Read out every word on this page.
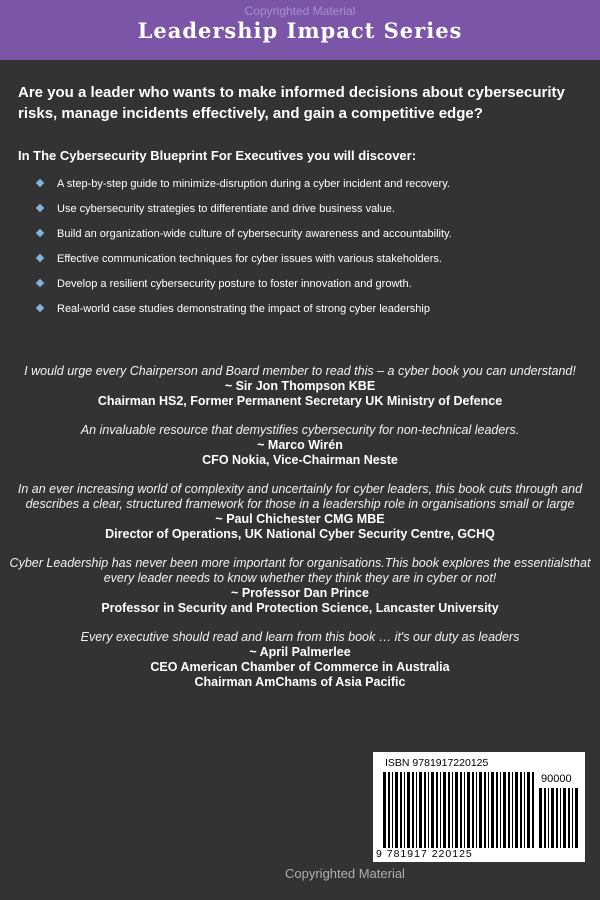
Copyrighted Material
Leadership Impact Series
Are you a leader who wants to make informed decisions about cybersecurity risks, manage incidents effectively, and gain a competitive edge?
In The Cybersecurity Blueprint For Executives you will discover:
A step-by-step guide to minimize-disruption during a cyber incident and recovery.
Use cybersecurity strategies to differentiate and drive business value.
Build an organization-wide culture of cybersecurity awareness and accountability.
Effective communication techniques for cyber issues with various stakeholders.
Develop a resilient cybersecurity posture to foster innovation and growth.
Real-world case studies demonstrating the impact of strong cyber leadership
I would urge every Chairperson and Board member to read this – a cyber book you can understand!
~ Sir Jon Thompson KBE
Chairman HS2, Former Permanent Secretary UK Ministry of Defence
An invaluable resource that demystifies cybersecurity for non-technical leaders.
~ Marco Wirén
CFO Nokia, Vice-Chairman Neste
In an ever increasing world of complexity and uncertainly for cyber leaders, this book cuts through and describes a clear, structured framework for those in a leadership role in organisations small or large
~ Paul Chichester CMG MBE
Director of Operations, UK National Cyber Security Centre, GCHQ
Cyber Leadership has never been more important for organisations.This book explores the essentialsthat every leader needs to know whether they think they are in cyber or not!
~ Professor Dan Prince
Professor in Security and Protection Science, Lancaster University
Every executive should read and learn from this book … it's our duty as leaders
~ April Palmerlee
CEO American Chamber of Commerce in Australia
Chairman AmChams of Asia Pacific
ISBN 9781917220125
90000
9 781917 220125
Copyrighted Material
